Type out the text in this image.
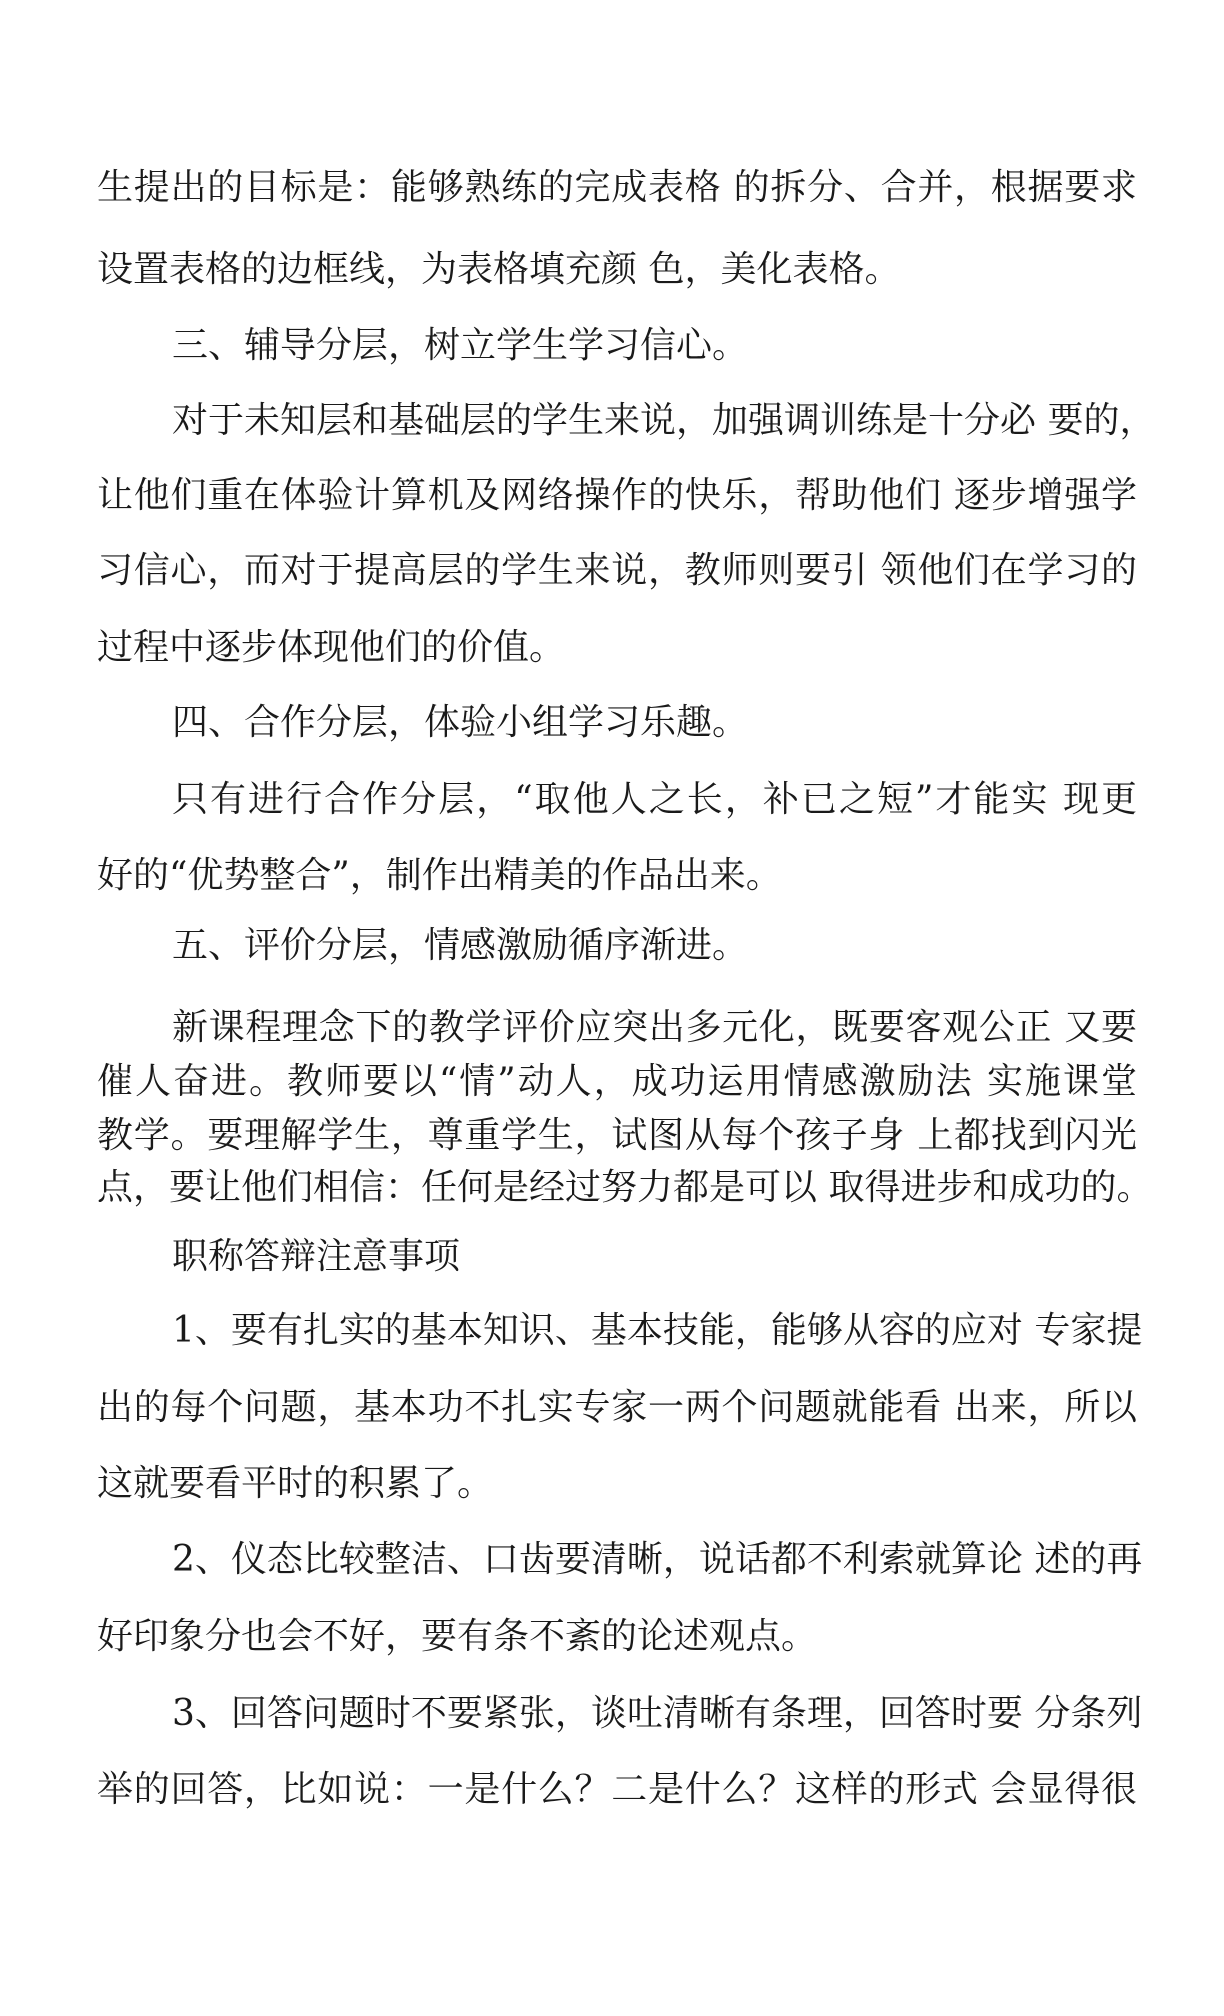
生提出的目标是：能够熟练的完成表格 的拆分、合并，根据要求

设置表格的边框线，为表格填充颜 色，美化表格。

三、辅导分层，树立学生学习信心。

对于未知层和基础层的学生来说，加强调训练是十分必 要的，

让他们重在体验计算机及网络操作的快乐，帮助他们 逐步增强学

习信心，而对于提高层的学生来说，教师则要引 领他们在学习的

过程中逐步体现他们的价值。

四、合作分层，体验小组学习乐趣。

只有进行合作分层，“取他人之长，补已之短”才能实 现更

好的“优势整合”，制作出精美的作品出来。

五、评价分层，情感激励循序渐进。

新课程理念下的教学评价应突出多元化，既要客观公正 又要

催人奋进。教师要以“情”动人，成功运用情感激励法 实施课堂

教学。要理解学生，尊重学生，试图从每个孩子身 上都找到闪光

点，要让他们相信：任何是经过努力都是可以 取得进步和成功的。

职称答辩注意事项

1、要有扎实的基本知识、基本技能，能够从容的应对 专家提

出的每个问题，基本功不扎实专家一两个问题就能看 出来，所以

这就要看平时的积累了。

2、仪态比较整洁、口齿要清晰，说话都不利索就算论 述的再

好印象分也会不好，要有条不紊的论述观点。

3、回答问题时不要紧张，谈吐清晰有条理，回答时要 分条列

举的回答，比如说：一是什么？二是什么？这样的形式 会显得很
